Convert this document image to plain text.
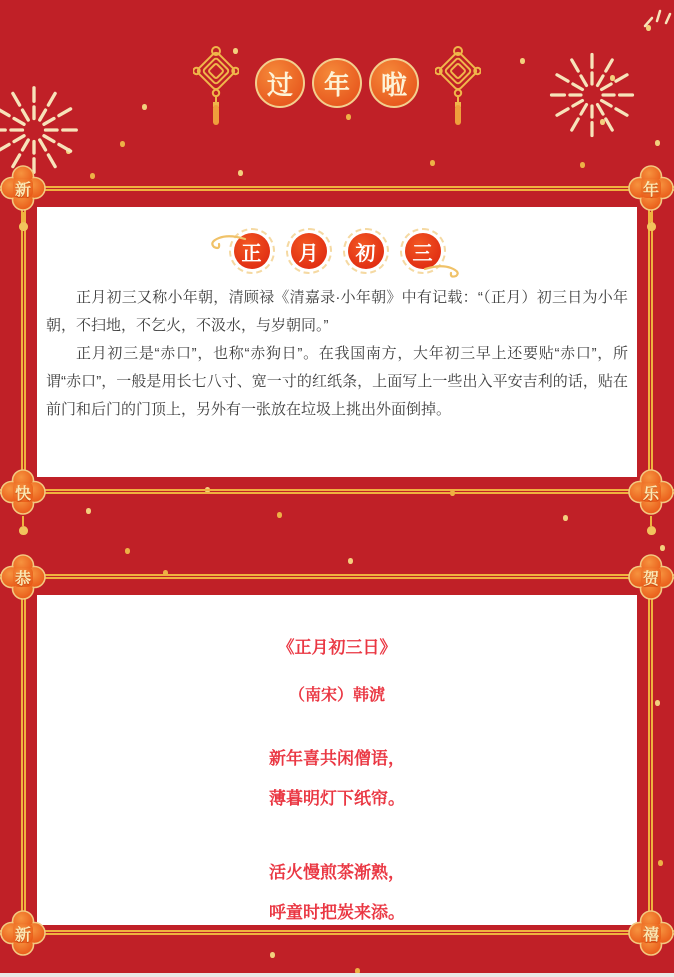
过 年 啦
正	月	初	三

正月初三又称小年朝，清顾禄《清嘉录·小年朝》中有记载：“（正月）初三日为小年朝，不扫地，不乞火，不汲水，与岁朝同。”

正月初三是“赤口”，也称“赤狗日”。在我国南方，大年初三早上还要贴“赤口”，所谓“赤口”，一般是用长七八寸、宽一寸的红纸条，上面写上一些出入平安吉利的话，贴在前门和后门的门顶上，另外有一张放在垃圾上挑出外面倒掉。

《正月初三日》
（南宋）韩淲
新年喜共闲僧语，
薄暮明灯下纸帘。
活火慢煎茶渐熟，
呼童时把炭来添。
新	年
快	乐
恭	贺
新	禧
